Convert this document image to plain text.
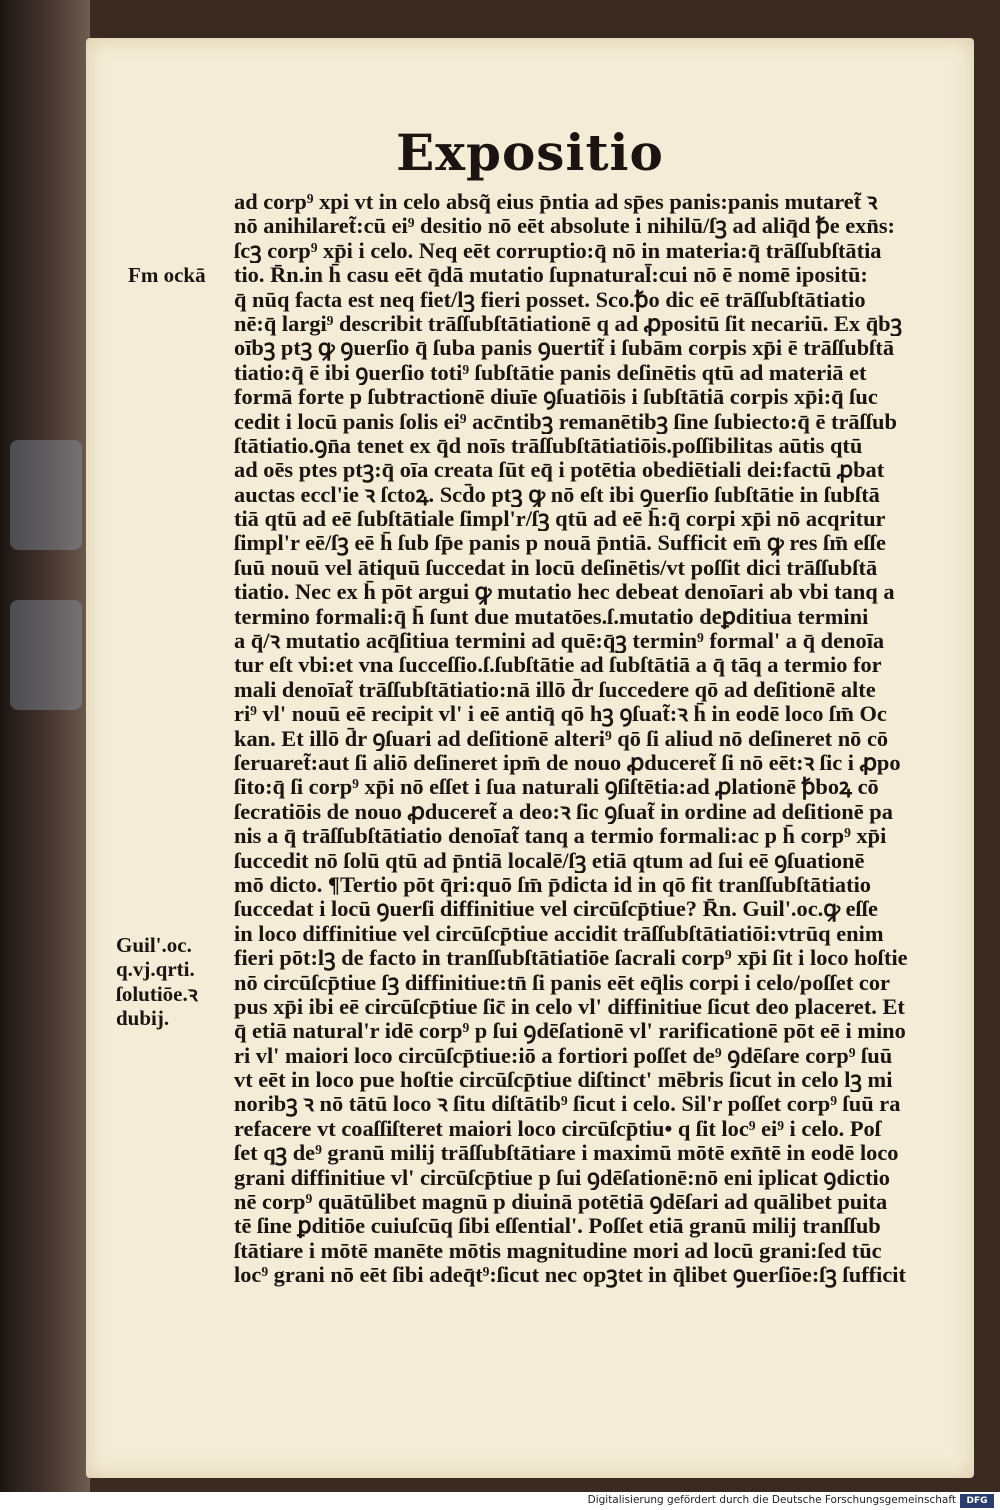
Expositio
ad corp⁹ xpi vt in celo absq̃ eius p̄ntia ad sp̄es panis:panis mutaret̃ ꝛ
nō anihilaret̃:cū ei⁹ desitio nō eēt absolute i nihilū/ſꝫ ad aliq̄d ꝥe exn̄s:
ſcꝫ corp⁹ xp̄i i celo. Neq̧ eēt corruptio:q̄ nō in materia:q̄ trāſſubſtātia
tio. R̄n.in h̄ casu eēt q̄dā mutatio ſupnatural̄:cui nō ē nomē ipositū:
q̄ nūq̧ facta est neq̧ fiet/lꝫ fieri posset. Sco.ꝥo dic eē trāſſubſtātiatio
nē:q̄ largi⁹ describit trāſſubſtātiationē q̧ ad ꝓpositū ſit necariū. Ex q̄bꝫ
oībꝫ ptꝫ ꝙ ꝯuerſio q̄ ſuba panis ꝯuertit̃ i ſubām corpis xp̄i ē trāſſubſtā
tiatio:q̄ ē ibi ꝯuerſio toti⁹ ſubſtātie panis deſinētis q̧tū ad materiā et
formā forte p ſubtractionē diuīe ꝯſuatiōis i ſubſtātiā corpis xp̄i:q̄ ſuc
cedit i locū panis ſolis ei⁹ acc̄ntibꝫ remanētibꝫ ſine ſubiecto:q̄ ē trāſſub
ſtātiatio.ꝯn̄a tenet ex q̄d noīs trāſſubſtātiatiōis.poſſibilitas aūtis q̧tū
ad oēs ptes ptꝫ:q̄ oīa creata ſūt eq̄ i potētia obediētiali dei:factū ꝓbat
auctas eccl'ie ꝛ ſctoꝝ. Scd̄o ptꝫ ꝙ nō eſt ibi ꝯuerſio ſubſtātie in ſubſtā
tiā q̧tū ad eē ſubſtātiale ſimpl'r/ſꝫ q̧tū ad eē h̄:q̄ corpi xp̄i nō acqritur
ſimpl'r eē/ſꝫ eē h̄ ſub ſp̄e panis p nouā p̄ntiā. Sufficit em̄ ꝙ res ſm̄ eſſe
ſuū nouū vel ātiquū ſuccedat in locū deſinētis/vt poſſit dici trāſſubſtā
tiatio. Nec ex h̄ pōt argui ꝙ mutatio hec debeat denoīari ab vbi tanq̧ a
termino formali:q̄ h̄ ſunt due mutatōes.ſ.mutatio deꝑditiua termini
a q̄/ꝛ mutatio acq̄ſitiua termini ad quē:q̄ꝫ termin⁹ formal' a q̄ denoīa
tur eſt vbi:et vna ſucceſſio.ſ.ſubſtātie ad ſubſtātiā a q̄ tāq̧ a termio for
mali denoīat̃ trāſſubſtātiatio:nā illō d̄r ſuccedere qō ad deſitionē alte
ri⁹ vl' nouū eē recipit vl' i eē antiq̄ qō hꝫ ꝯſuat̃:ꝛ h̄ in eodē loco ſm̄ Oc
kan. Et illō d̄r ꝯſuari ad deſitionē alteri⁹ qō ſi aliud nō deſineret nō cō
ſeruaret̃:aut ſi aliō deſineret ipm̄ de nouo ꝓduceret̃ ſi nō eēt:ꝛ ſic i ꝓpo
ſito:q̄ ſi corp⁹ xp̄i nō eſſet i ſua naturali ꝯſiſtētia:ad ꝓlationē ꝥboꝝ cō
ſecratiōis de nouo ꝓduceret̃ a deo:ꝛ ſic ꝯſuat̃ in ordine ad deſitionē pa
nis a q̄ trāſſubſtātiatio denoīat̃ tanq̧ a termio formali:ac p h̄ corp⁹ xp̄i
ſuccedit nō ſolū q̧tū ad p̄ntiā localē/ſꝫ etiā q̧tum ad ſui eē ꝯſuationē
mō dicto. ¶Tertio pōt q̄ri:quō ſm̄ p̄dicta id in qō fit tranſſubſtātiatio
ſuccedat i locū ꝯuerſi diffinitiue vel circūſcp̄tiue? R̄n. Guil'.oc.ꝙ eſſe
in loco diffinitiue vel circūſcp̄tiue accidit trāſſubſtātiatiōi:vtrūq̧ enim
fieri pōt:lꝫ de facto in tranſſubſtātiatiōe ſacrali corp⁹ xp̄i ſit i loco hoſtie
nō circūſcp̄tiue ſꝫ diffinitiue:tn̄ ſi panis eēt eq̄lis corpi i celo/poſſet cor
pus xp̄i ibi eē circūſcp̄tiue ſic̄ in celo vl' diffinitiue ſicut deo placeret. Et
q̄ etiā natural'r idē corp⁹ p ſui ꝯdēſationē vl' rarificationē pōt eē i mino
ri vl' maiori loco circūſcp̄tiue:iō a fortiori poſſet de⁹ ꝯdēſare corp⁹ ſuū
vt eēt in loco pue hoſtie circūſcp̄tiue diſtinct' mēbris ſicut in celo lꝫ mi
noribꝫ ꝛ nō tātū loco ꝛ ſitu diſtātib⁹ ſicut i celo. Sil'r poſſet corp⁹ ſuū ra
refacere vt coaſſiſteret maiori loco circūſcp̄tiu• q̧ ſit loc⁹ ei⁹ i celo. Poſ
ſet q̧ꝫ de⁹ granū milij trāſſubſtātiare i maximū mōtē exn̄tē in eodē loco
grani diffinitiue vl' circūſcp̄tiue p ſui ꝯdēſationē:nō eni iplicat ꝯdictio
nē corp⁹ quātūlibet magnū p diuinā potētiā ꝯdēſari ad quālibet puita
tē ſine ꝑditiōe cuiuſcūq̧ ſibi eſſential'. Poſſet etiā granū milij tranſſub
ſtātiare i mōtē manēte mōtis magnitudine mori ad locū grani:ſed tūc
loc⁹ grani nō eēt ſibi adeq̄t⁹:ſicut nec opꝫtet in q̄libet ꝯuerſiōe:ſꝫ ſufficit
Fm ockā
Guil'.oc.
q.vj.qrti.
ſolutiōe.ꝛ
dubij.
Digitalisierung gefördert durch die Deutsche Forschungsgemeinschaft	DFG
